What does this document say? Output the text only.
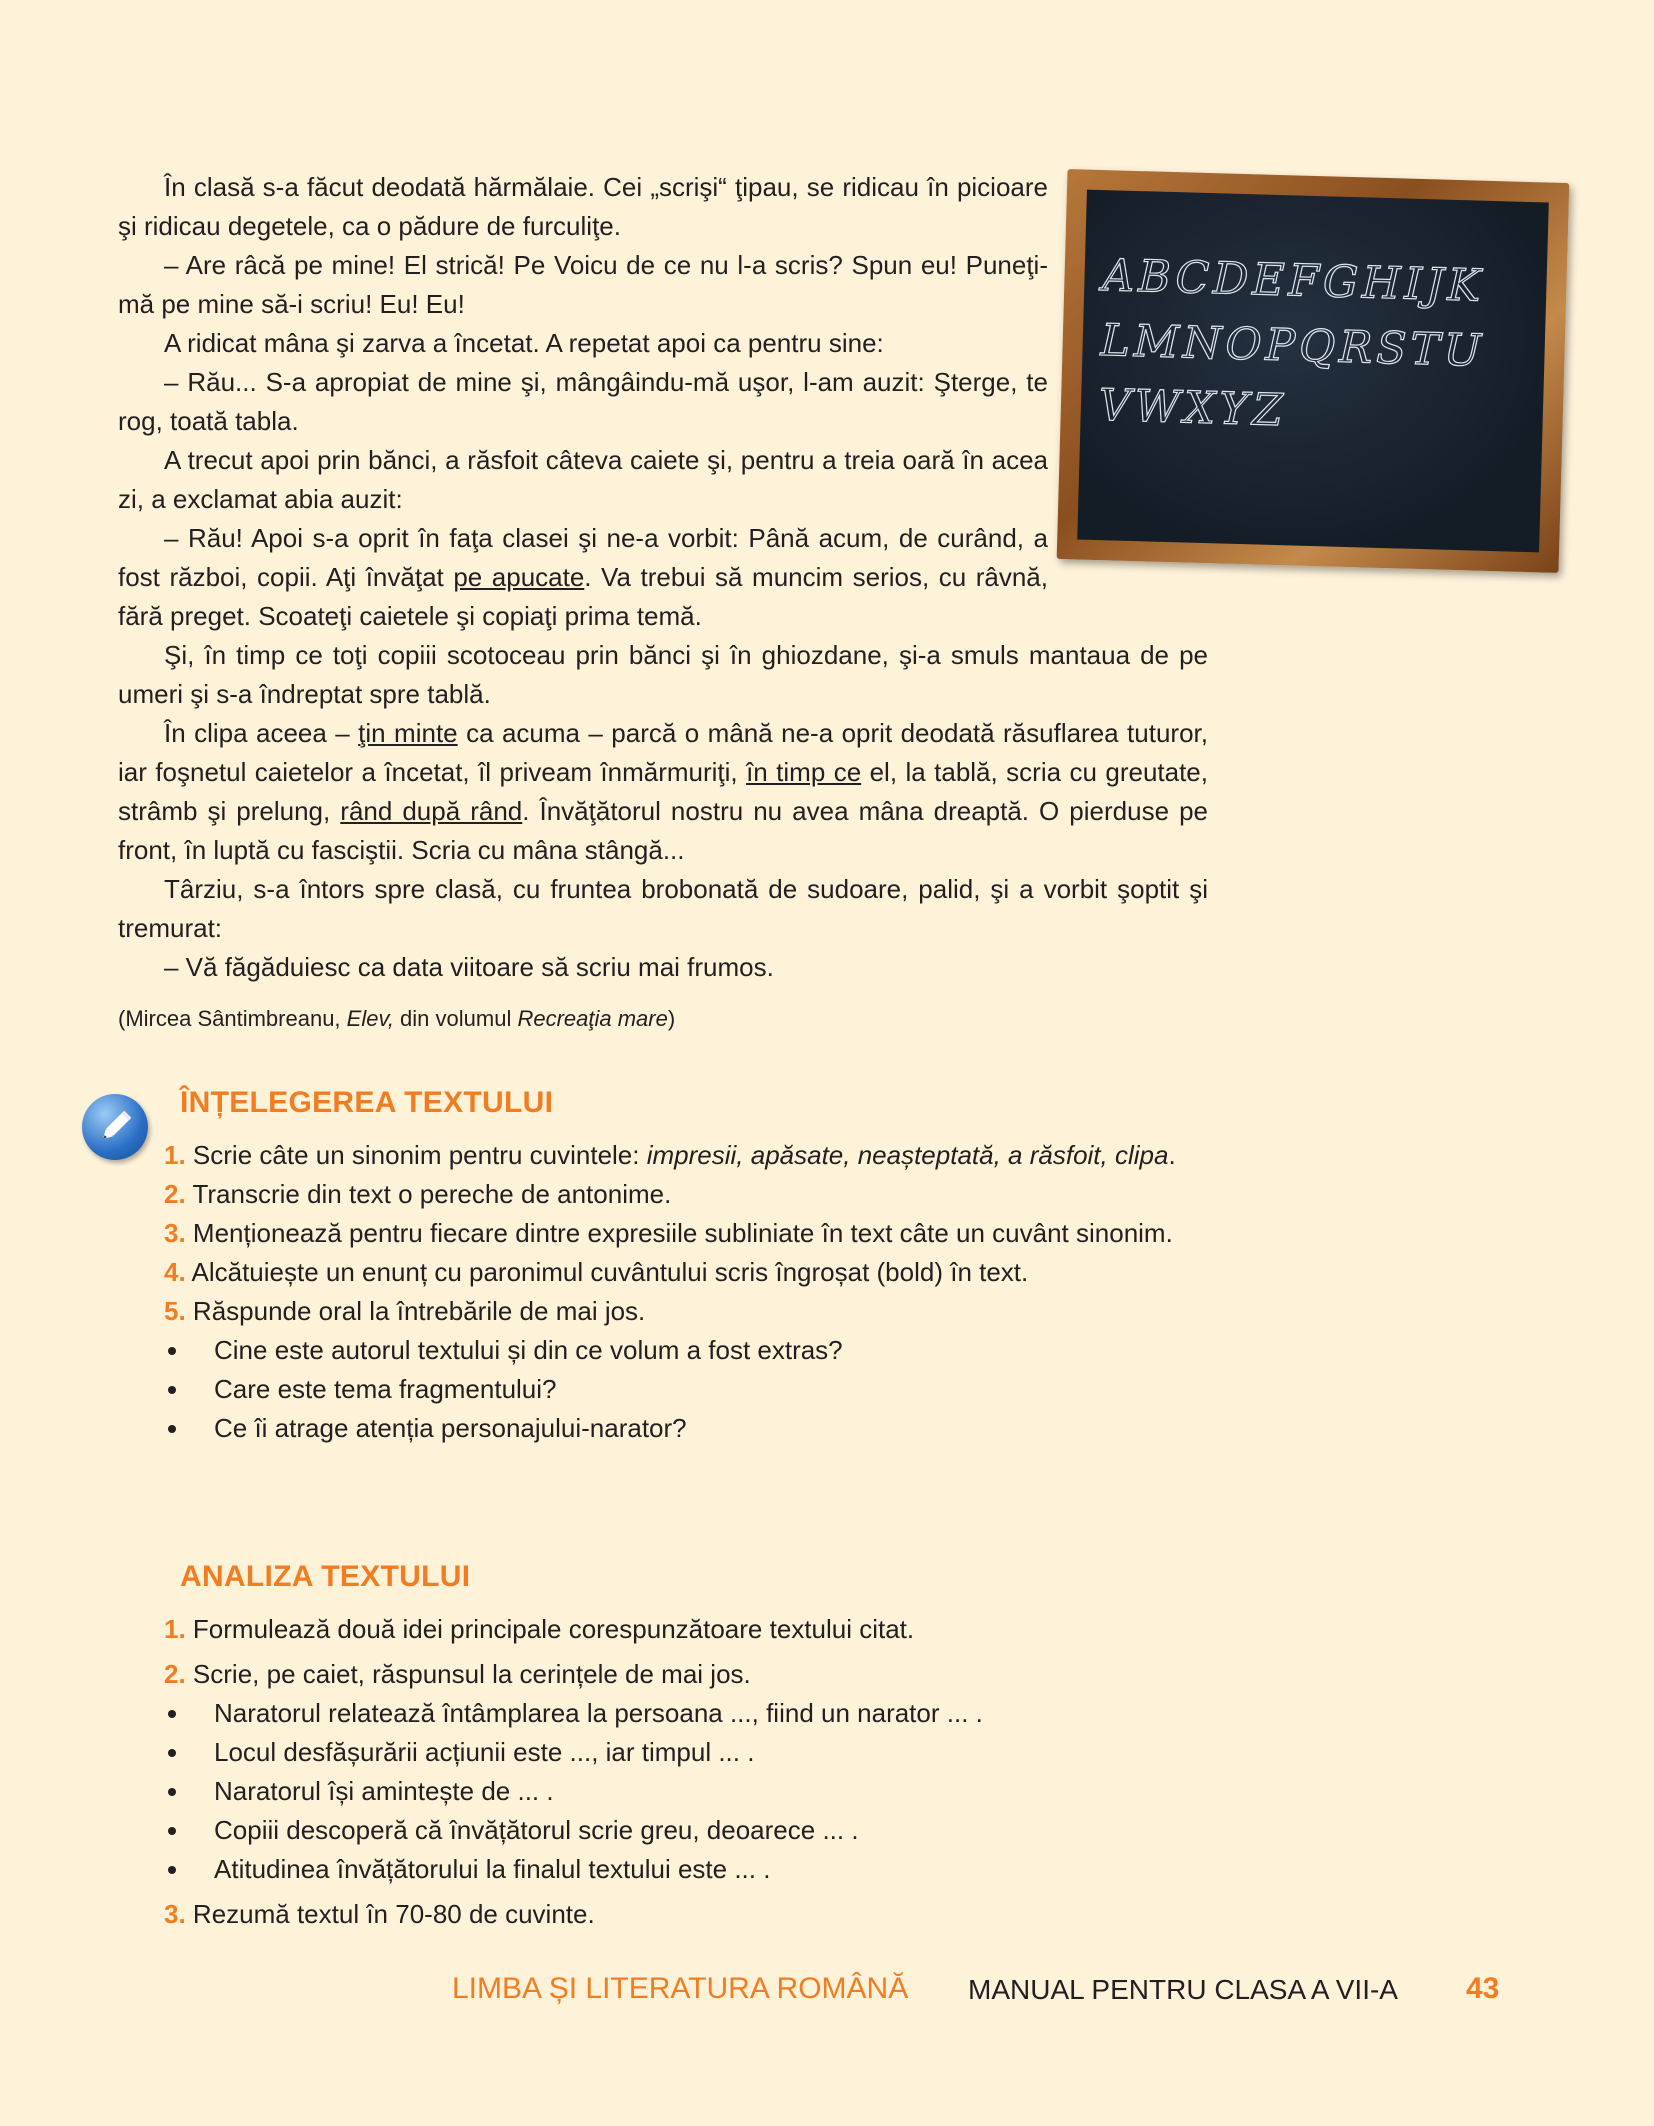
În clasă s-a făcut deodată hărmălaie. Cei „scrişi“ ţipau, se ridicau în picioare şi ridicau degetele, ca o pădure de furculiţe.

– Are râcă pe mine! El strică! Pe Voicu de ce nu l-a scris? Spun eu! Puneţi-mă pe mine să-i scriu! Eu! Eu!

A ridicat mâna şi zarva a încetat. A repetat apoi ca pentru sine:

– Rău... S-a apropiat de mine şi, mângâindu-mă uşor, l-am auzit: Şterge, te rog, toată tabla.

A trecut apoi prin bănci, a răsfoit câteva caiete şi, pentru a treia oară în acea zi, a exclamat abia auzit:

– Rău! Apoi s-a oprit în faţa clasei şi ne-a vorbit: Până acum, de curând, a fost război, copii. Aţi învăţat pe apucate. Va trebui să muncim serios, cu râvnă, fără preget. Scoateţi caietele şi copiaţi prima temă.

Şi, în timp ce toţi copiii scotoceau prin bănci şi în ghiozdane, şi-a smuls mantaua de pe umeri şi s-a îndreptat spre tablă.

În clipa aceea – ţin minte ca acuma – parcă o mână ne-a oprit deodată răsuflarea tuturor, iar foşnetul caietelor a încetat, îl priveam înmărmuriţi, în timp ce el, la tablă, scria cu greutate, strâmb şi prelung, rând după rând. Învăţătorul nostru nu avea mâna dreaptă. O pierduse pe front, în luptă cu fasciştii. Scria cu mâna stângă...

Târziu, s-a întors spre clasă, cu fruntea brobonată de sudoare, palid, şi a vorbit şoptit şi tremurat:

– Vă făgăduiesc ca data viitoare să scriu mai frumos.

(Mircea Sântimbreanu, Elev, din volumul Recreaţia mare)

ABCDEFGHIJK
LMNOPQRSTU
VWXYZ
ÎNȚELEGEREA TEXTULUI

1. Scrie câte un sinonim pentru cuvintele: impresii, apăsate, neașteptată, a răsfoit, clipa.

2. Transcrie din text o pereche de antonime.

3. Menționează pentru fiecare dintre expresiile subliniate în text câte un cuvânt sinonim.

4. Alcătuiește un enunț cu paronimul cuvântului scris îngroșat (bold) în text.

5. Răspunde oral la întrebările de mai jos.

Cine este autorul textului și din ce volum a fost extras?
Care este tema fragmentului?
Ce îi atrage atenția personajului-narator?
ANALIZA TEXTULUI

1. Formulează două idei principale corespunzătoare textului citat.

2. Scrie, pe caiet, răspunsul la cerințele de mai jos.

Naratorul relatează întâmplarea la persoana ..., fiind un narator ... .
Locul desfășurării acțiunii este ..., iar timpul ... .
Naratorul își amintește de ... .
Copiii descoperă că învățătorul scrie greu, deoarece ... .
Atitudinea învățătorului la finalul textului este ... .

3. Rezumă textul în 70-80 de cuvinte.

LIMBA ȘI LITERATURA ROMÂNĂ MANUAL PENTRU CLASA A VII-A 43
